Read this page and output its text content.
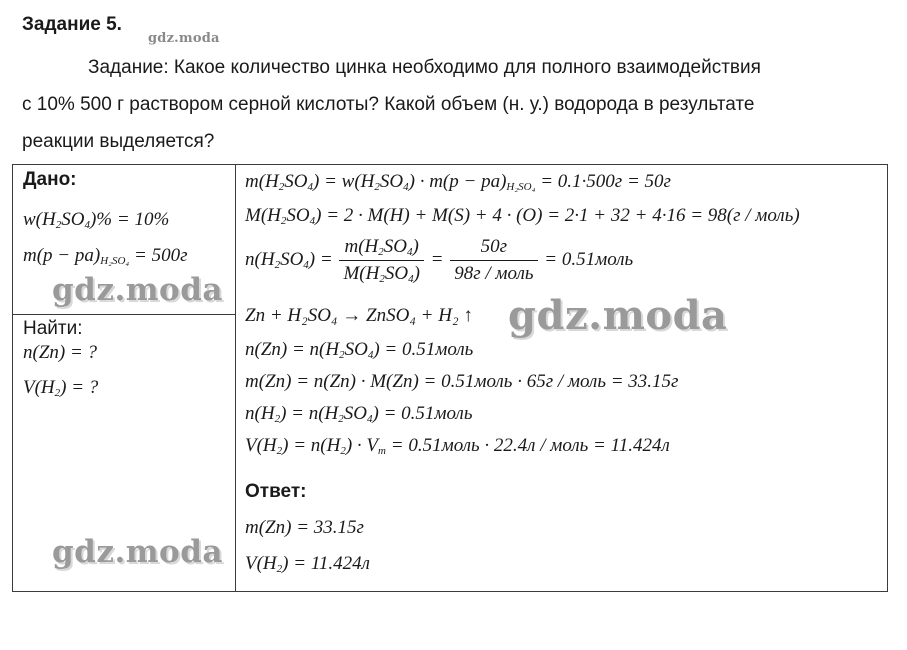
Задание 5.
gdz.moda
Задание: Какое количество цинка необходимо для полного взаимодействия
с 10% 500 г раствором серной кислоты? Какой объем (н. у.) водорода в результате
реакции выделяется?
Дано:
$w(H_2SO_4)\% = 10\%$
$m(p - pa)_{H_2SO_4} = 500г$
Найти:
n(Zn) = ?
$V(H_2)$ = ?
$m(H_2SO_4) = w(H_2SO_4) \cdot m(p - pa)_{H_2SO_4} = 0.1\cdot 500г = 50г$
$M(H_2SO_4) = 2 \cdot M(H) + M(S) + 4 \cdot (O) = 2\cdot 1 + 32 + 4\cdot 16 = 98(г$ / моль)
$n(H_2SO_4) = \frac{m(H_2SO_4)}{M(H_2SO_4)} = \frac{50г}{\text{98г / моль}}$ = 0.51моль
Zn + H₂SO₄ → ZnSO₄ + H₂ ↑
$n(Zn) = n(H_2SO_4)$ = 0.51моль
m(Zn) = n(Zn) · M(Zn) = 0.51моль · 65г / моль = 33.15г
$n(H_2) = n(H_2SO_4)$ = 0.51моль
$V(H_2) = n(H_2) \cdot V_m$ = 0.51моль · 22.4л / моль = 11.424л
Ответ:
m(Zn) = 33.15г
$V(H_2) = 11.424л$
gdz.moda
gdz.moda
gdz.moda
